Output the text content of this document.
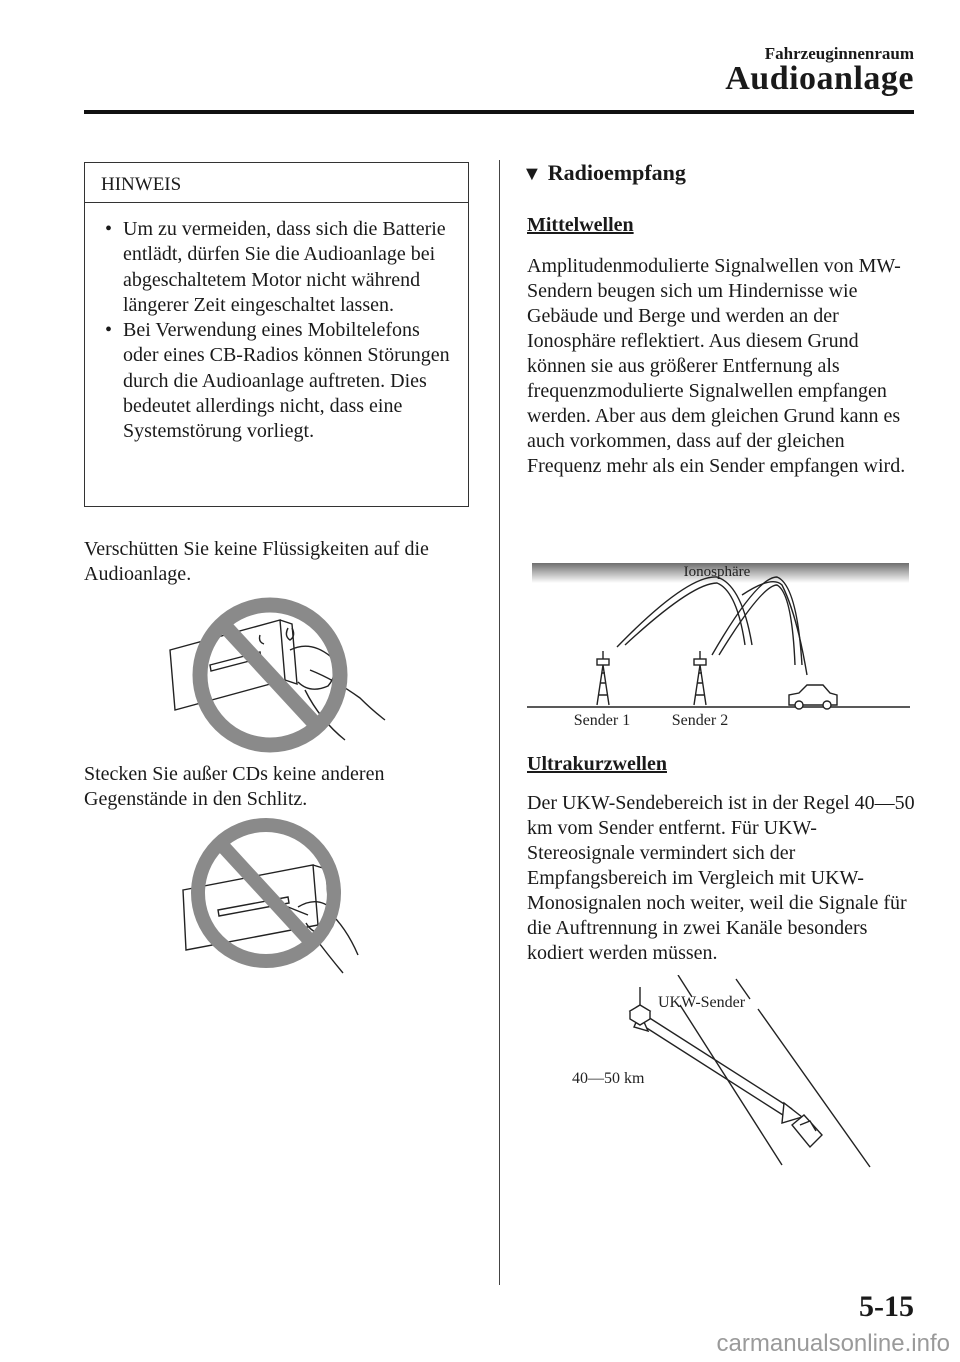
Fahrzeuginnenraum
Audioanlage
HINWEIS
• Um zu vermeiden, dass sich die Batterie entlädt, dürfen Sie die Audioanlage bei abgeschaltetem Motor nicht während längerer Zeit eingeschaltet lassen.
• Bei Verwendung eines Mobiltelefons oder eines CB-Radios können Störungen durch die Audioanlage auftreten. Dies bedeutet allerdings nicht, dass eine Systemstörung vorliegt.
Verschütten Sie keine Flüssigkeiten auf die Audioanlage.
Stecken Sie außer CDs keine anderen Gegenstände in den Schlitz.
▼ Radioempfang
Mittelwellen
Amplitudenmodulierte Signalwellen von MW-Sendern beugen sich um Hindernisse wie Gebäude und Berge und werden an der Ionosphäre reflektiert. Aus diesem Grund können sie aus größerer Entfernung als frequenzmodulierte Signalwellen empfangen werden. Aber aus dem gleichen Grund kann es auch vorkommen, dass auf der gleichen Frequenz mehr als ein Sender empfangen wird.
Ionosphäre
Sender 1	Sender 2
Ultrakurzwellen
Der UKW-Sendebereich ist in der Regel 40—50 km vom Sender entfernt. Für UKW-Stereosignale vermindert sich der Empfangsbereich im Vergleich mit UKW-Monosignalen noch weiter, weil die Signale für die Auftrennung in zwei Kanäle besonders kodiert werden müssen.
UKW-Sender
40—50 km
5-15
carmanualsonline.info
